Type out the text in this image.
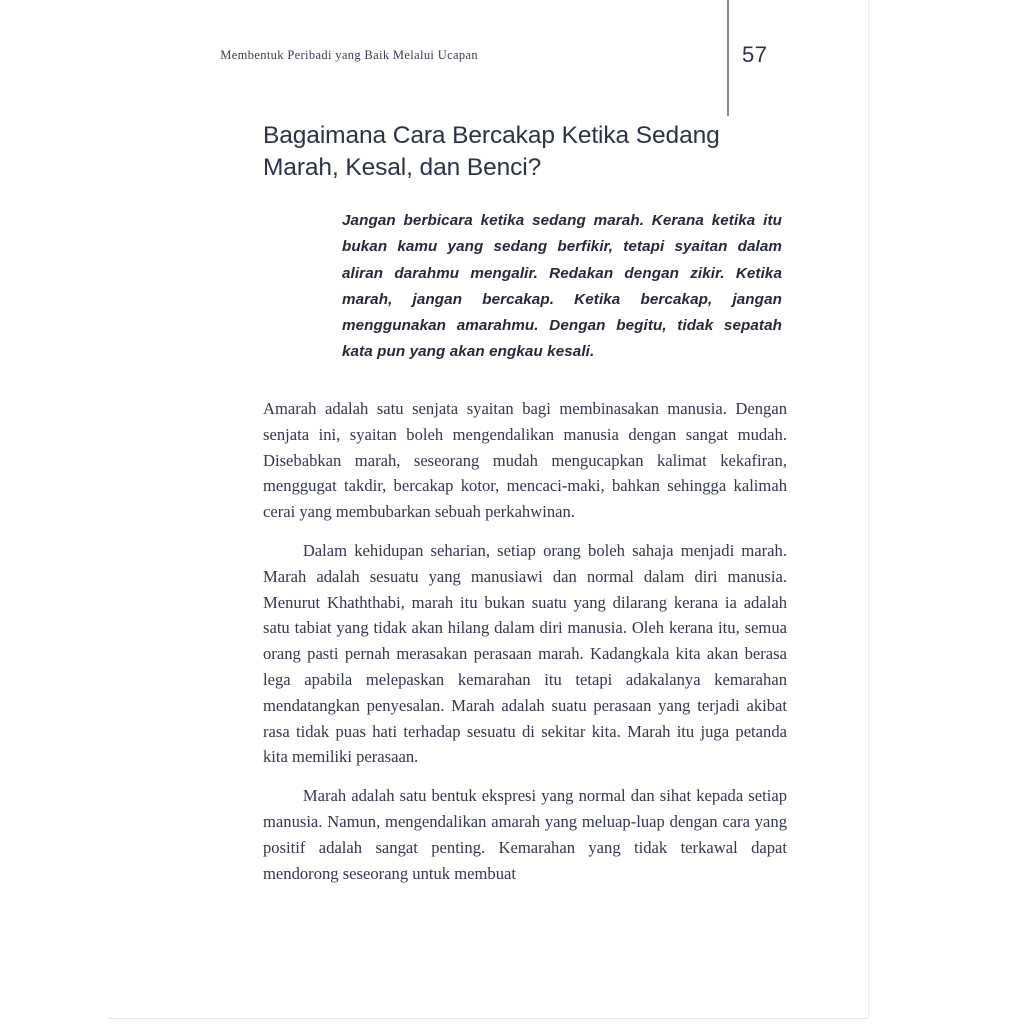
Membentuk Peribadi yang Baik Melalui Ucapan	57
Bagaimana Cara Bercakap Ketika Sedang Marah, Kesal, dan Benci?
Jangan berbicara ketika sedang marah. Kerana ketika itu bukan kamu yang sedang berfikir, tetapi syaitan dalam aliran darahmu mengalir. Redakan dengan zikir. Ketika marah, jangan bercakap. Ketika bercakap, jangan menggunakan amarahmu. Dengan begitu, tidak sepatah kata pun yang akan engkau kesali.

Amarah adalah satu senjata syaitan bagi membinasakan manusia. Dengan senjata ini, syaitan boleh mengendalikan manusia dengan sangat mudah. Disebabkan marah, seseorang mudah mengucapkan kalimat kekafiran, menggugat takdir, bercakap kotor, mencaci-maki, bahkan sehingga kalimah cerai yang membubarkan sebuah perkahwinan.

Dalam kehidupan seharian, setiap orang boleh sahaja menjadi marah. Marah adalah sesuatu yang manusiawi dan normal dalam diri manusia. Menurut Khaththabi, marah itu bukan suatu yang dilarang kerana ia adalah satu tabiat yang tidak akan hilang dalam diri manusia. Oleh kerana itu, semua orang pasti pernah merasakan perasaan marah. Kadangkala kita akan berasa lega apabila melepaskan kemarahan itu tetapi adakalanya kemarahan mendatangkan penyesalan. Marah adalah suatu perasaan yang terjadi akibat rasa tidak puas hati terhadap sesuatu di sekitar kita. Marah itu juga petanda kita memiliki perasaan.

Marah adalah satu bentuk ekspresi yang normal dan sihat kepada setiap manusia. Namun, mengendalikan amarah yang meluap-luap dengan cara yang positif adalah sangat penting. Kemarahan yang tidak terkawal dapat mendorong seseorang untuk membuat
